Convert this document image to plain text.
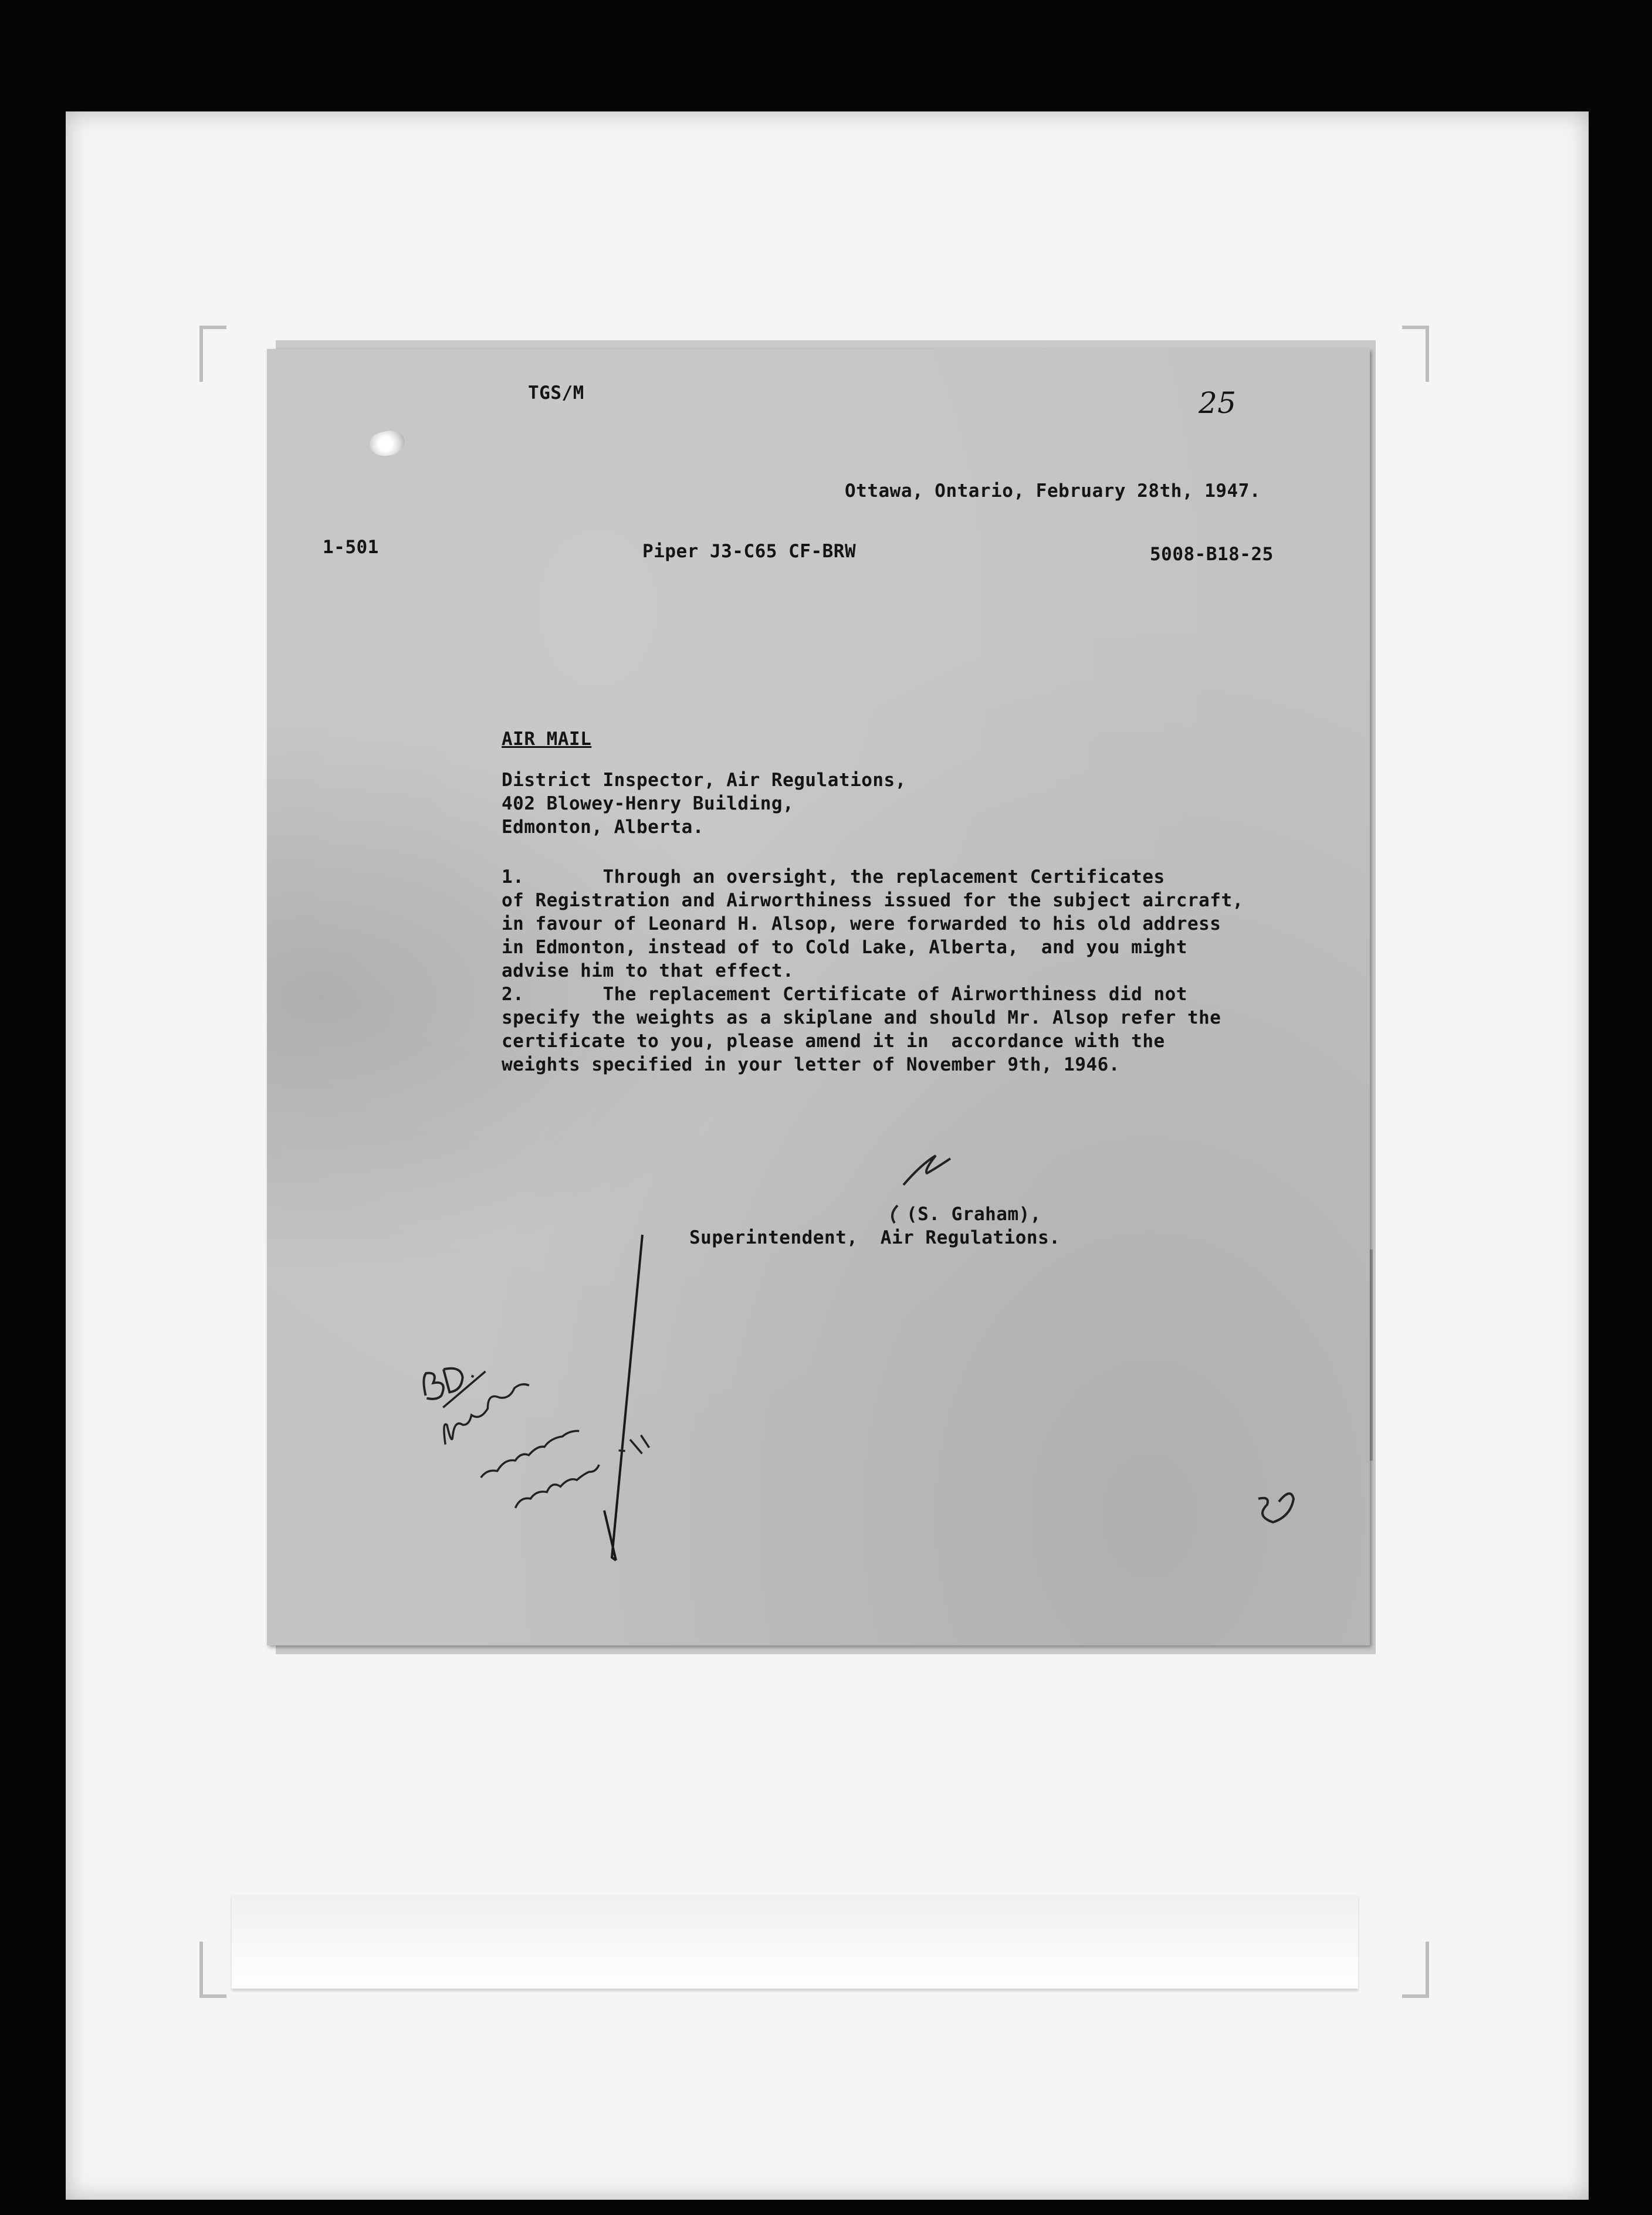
TGS/M	25
Ottawa, Ontario, February 28th, 1947.
1-501	Piper J3-C65 CF-BRW	5008-B18-25
AIR MAIL
District Inspector, Air Regulations,
402 Blowey-Henry Building,
Edmonton, Alberta.
1.       Through an oversight, the replacement Certificates
of Registration and Airworthiness issued for the subject aircraft,
in favour of Leonard H. Alsop, were forwarded to his old address
in Edmonton, instead of to Cold Lake, Alberta,  and you might
advise him to that effect.
2.       The replacement Certificate of Airworthiness did not
specify the weights as a skiplane and should Mr. Alsop refer the
certificate to you, please amend it in  accordance with the
weights specified in your letter of November 9th, 1946.
(S. Graham),
Superintendent,  Air Regulations.
